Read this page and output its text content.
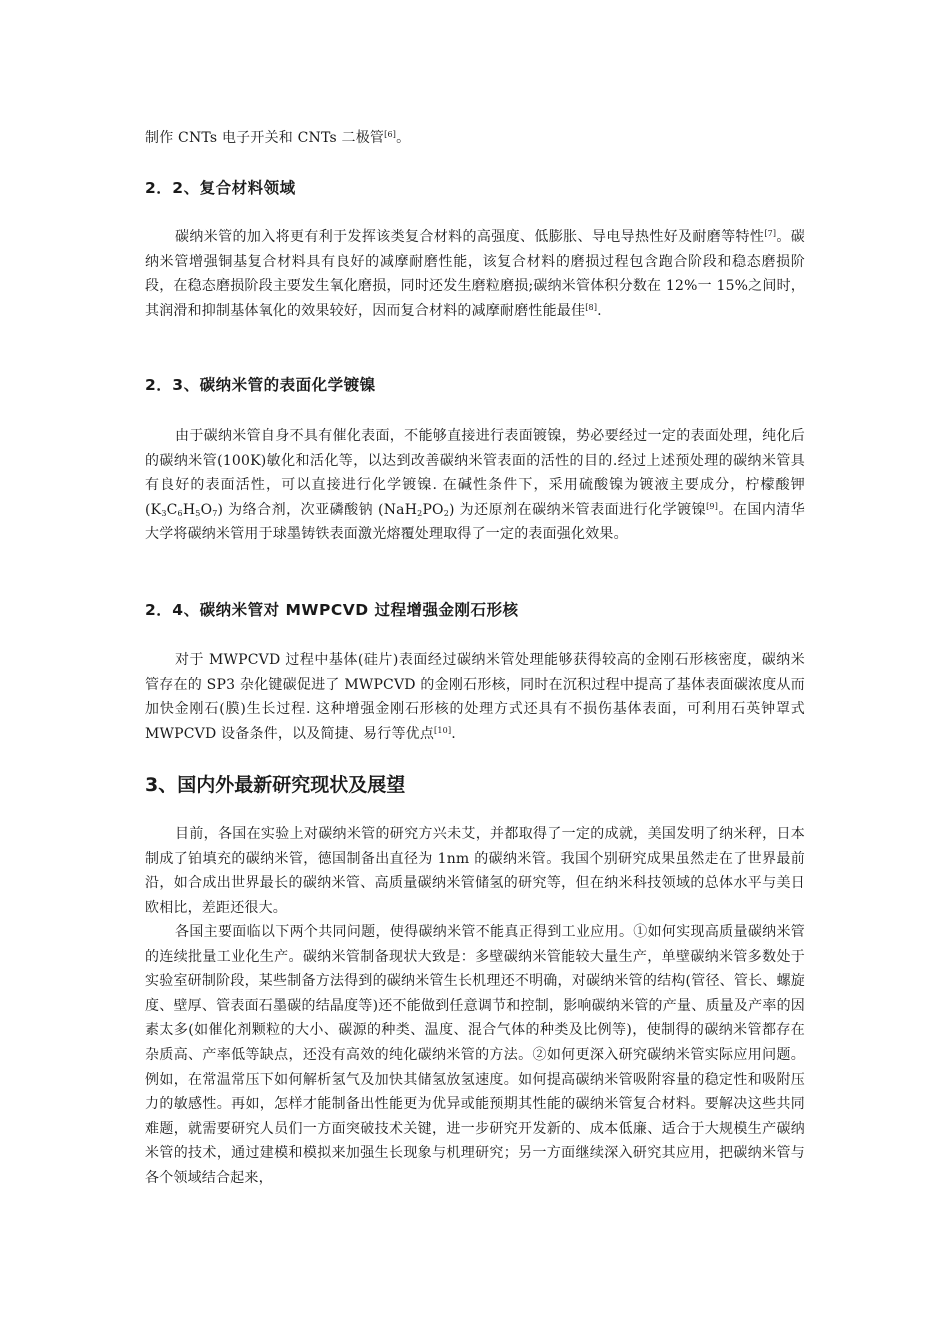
制作 CNTs 电子开关和 CNTs 二极管[6]。

2．2、复合材料领域

碳纳米管的加入将更有利于发挥该类复合材料的高强度、低膨胀、导电导热性好及耐磨等特性[7]。碳纳米管增强铜基复合材料具有良好的减摩耐磨性能，该复合材料的磨损过程包含跑合阶段和稳态磨损阶段，在稳态磨损阶段主要发生氧化磨损，同时还发生磨粒磨损;碳纳米管体积分数在 12%一 15%之间时，其润滑和抑制基体氧化的效果较好，因而复合材料的减摩耐磨性能最佳[8].

2．3、碳纳米管的表面化学镀镍

由于碳纳米管自身不具有催化表面，不能够直接进行表面镀镍，势必要经过一定的表面处理，纯化后的碳纳米管(100K)敏化和活化等，以达到改善碳纳米管表面的活性的目的.经过上述预处理的碳纳米管具有良好的表面活性，可以直接进行化学镀镍. 在碱性条件下，采用硫酸镍为镀液主要成分，柠檬酸钾 $(K_3C_6H_5O_7)$ 为络合剂，次亚磷酸钠 $(NaH_2PO_2)$ 为还原剂在碳纳米管表面进行化学镀镍[9]。在国内清华大学将碳纳米管用于球墨铸铁表面激光熔覆处理取得了一定的表面强化效果。

2．4、碳纳米管对 MWPCVD 过程增强金刚石形核

对于 MWPCVD 过程中基体(硅片)表面经过碳纳米管处理能够获得较高的金刚石形核密度，碳纳米管存在的 SP3 杂化键碳促进了 MWPCVD 的金刚石形核，同时在沉积过程中提高了基体表面碳浓度从而加快金刚石(膜)生长过程. 这种增强金刚石形核的处理方式还具有不损伤基体表面，可利用石英钟罩式 MWPCVD 设备条件，以及简捷、易行等优点[10].

3、国内外最新研究现状及展望

目前，各国在实验上对碳纳米管的研究方兴未艾，并都取得了一定的成就，美国发明了纳米秤，日本制成了铂填充的碳纳米管，德国制备出直径为 1nm 的碳纳米管。我国个别研究成果虽然走在了世界最前沿，如合成出世界最长的碳纳米管、高质量碳纳米管储氢的研究等，但在纳米科技领域的总体水平与美日欧相比，差距还很大。

各国主要面临以下两个共同问题，使得碳纳米管不能真正得到工业应用。①如何实现高质量碳纳米管的连续批量工业化生产。碳纳米管制备现状大致是：多壁碳纳米管能较大量生产，单壁碳纳米管多数处于实验室研制阶段，某些制备方法得到的碳纳米管生长机理还不明确，对碳纳米管的结构(管径、管长、螺旋度、壁厚、管表面石墨碳的结晶度等)还不能做到任意调节和控制，影响碳纳米管的产量、质量及产率的因素太多(如催化剂颗粒的大小、碳源的种类、温度、混合气体的种类及比例等)，使制得的碳纳米管都存在杂质高、产率低等缺点，还没有高效的纯化碳纳米管的方法。②如何更深入研究碳纳米管实际应用问题。例如，在常温常压下如何解析氢气及加快其储氢放氢速度。如何提高碳纳米管吸附容量的稳定性和吸附压力的敏感性。再如，怎样才能制备出性能更为优异或能预期其性能的碳纳米管复合材料。要解决这些共同难题，就需要研究人员们一方面突破技术关键，进一步研究开发新的、成本低廉、适合于大规模生产碳纳米管的技术，通过建模和模拟来加强生长现象与机理研究；另一方面继续深入研究其应用，把碳纳米管与各个领域结合起来，
